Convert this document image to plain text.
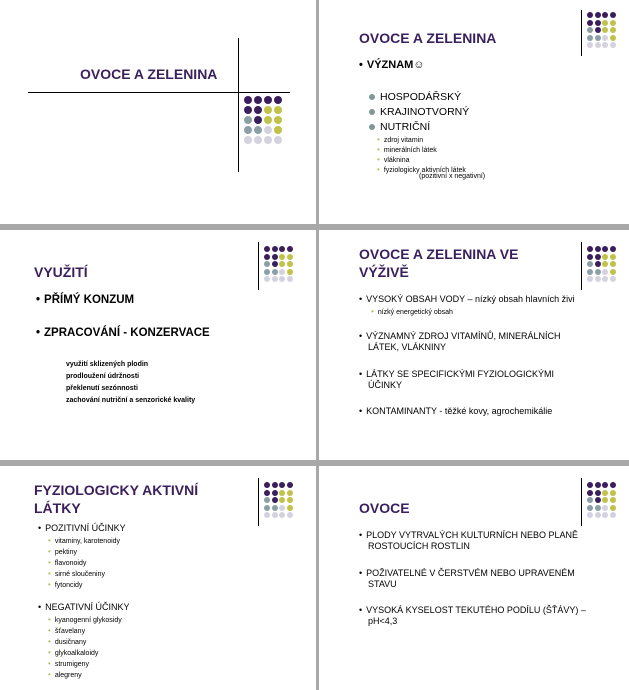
OVOCE A ZELENINA
OVOCE A ZELENINA
• VÝZNAM☺
HOSPODÁŘSKÝ
KRAJINOTVORNÝ
NUTRIČNÍ
• zdroj vitamin
• minerálních látek
• vláknina
• fyziologicky aktivních látek
(pozitivní x negativní)
VYUŽITÍ
• PŘÍMÝ KONZUM
• ZPRACOVÁNÍ - KONZERVACE
využití sklizených plodin
prodloužení údržnosti
překlenutí sezónnosti
zachování nutriční a senzorické kvality
OVOCE A ZELENINA VE
VÝŽIVĚ
• VYSOKÝ OBSAH VODY – nízký obsah hlavních živi
• nízký energetický obsah
• VÝZNAMNÝ ZDROJ VITAMÍNŮ, MINERÁLNÍCH
LÁTEK, VLÁKNINY
• LÁTKY SE SPECIFICKÝMI FYZIOLOGICKÝMI
ÚČINKY
• KONTAMINANTY - těžké kovy, agrochemikálie
FYZIOLOGICKY AKTIVNÍ
LÁTKY
• POZITIVNÍ ÚČINKY
• vitaminy, karotenoidy
• pektiny
• flavonoidy
• sirné sloučeniny
• fytoncidy
• NEGATIVNÍ ÚČINKY
• kyanogenní glykosidy
• šťavelany
• dusičnany
• glykoalkaloidy
• strumigeny
• alegreny
OVOCE
• PLODY VYTRVALÝCH KULTURNÍCH NEBO PLANĚ
ROSTOUCÍCH ROSTLIN
• POŽIVATELNÉ V ČERSTVÉM NEBO UPRAVENÉM
STAVU
• VYSOKÁ KYSELOST TEKUTÉHO PODÍLU (ŠŤÁVY) –
pH<4,3
